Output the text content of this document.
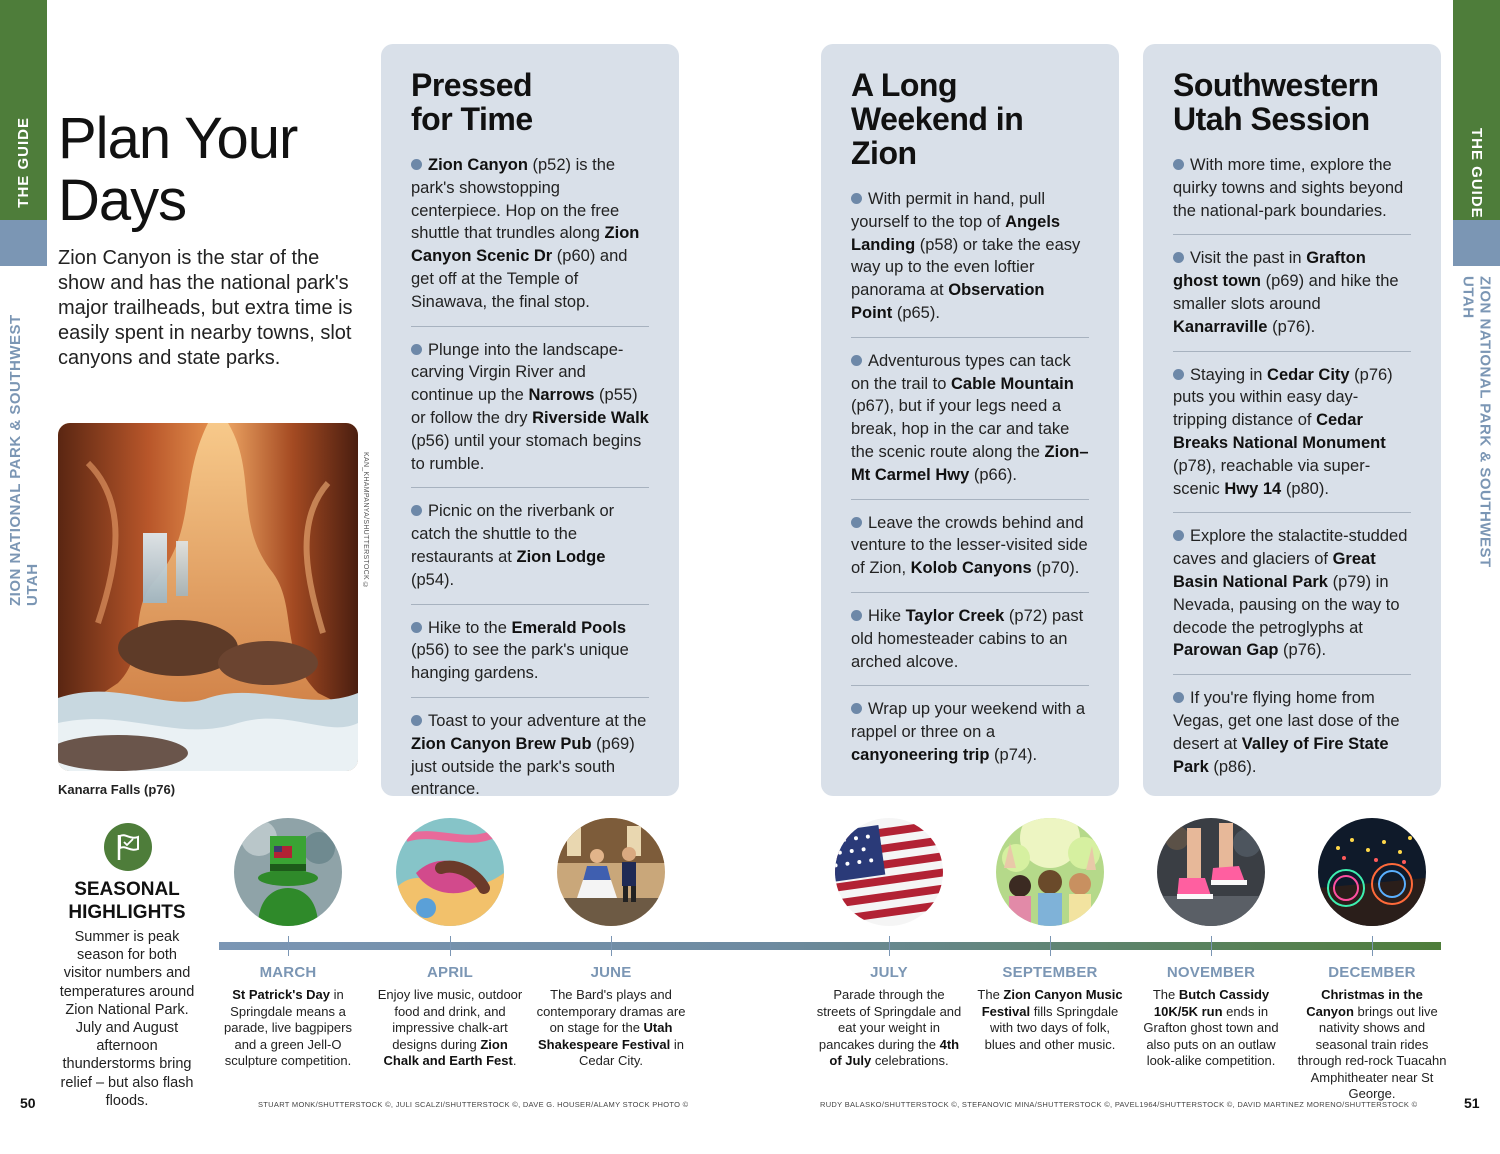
THE GUIDE
ZION NATIONAL PARK & SOUTHWEST UTAH
THE GUIDE
ZION NATIONAL PARK & SOUTHWEST UTAH
Plan Your
Days

Zion Canyon is the star of the show and has the national park's major trailheads, but extra time is easily spent in nearby towns, slot canyons and state parks.

KAN_KHAMPANYA/SHUTTERSTOCK ©
Kanarra Falls (p76)
Pressed
for Time
Zion Canyon (p52) is the park's showstopping centerpiece. Hop on the free shuttle that trundles along Zion Canyon Scenic Dr (p60) and get off at the Temple of Sinawava, the final stop.
Plunge into the landscape-carving Virgin River and continue up the Narrows (p55) or follow the dry Riverside Walk (p56) until your stomach begins to rumble.
Picnic on the riverbank or catch the shuttle to the restaurants at Zion Lodge (p54).
Hike to the Emerald Pools (p56) to see the park's unique hanging gardens.
Toast to your adventure at the Zion Canyon Brew Pub (p69) just outside the park's south entrance.
A Long
Weekend in Zion
With permit in hand, pull yourself to the top of Angels Landing (p58) or take the easy way up to the even loftier panorama at Observation Point (p65).
Adventurous types can tack on the trail to Cable Mountain (p67), but if your legs need a break, hop in the car and take the scenic route along the Zion–Mt Carmel Hwy (p66).
Leave the crowds behind and venture to the lesser-visited side of Zion, Kolob Canyons (p70).
Hike Taylor Creek (p72) past old homesteader cabins to an arched alcove.
Wrap up your weekend with a rappel or three on a canyoneering trip (p74).
Southwestern
Utah Session
With more time, explore the quirky towns and sights beyond the national-park boundaries.
Visit the past in Grafton ghost town (p69) and hike the smaller slots around Kanarraville (p76).
Staying in Cedar City (p76) puts you within easy day-tripping distance of Cedar Breaks National Monument (p78), reachable via super-scenic Hwy 14 (p80).
Explore the stalactite-studded caves and glaciers of Great Basin National Park (p79) in Nevada, pausing on the way to decode the petroglyphs at Parowan Gap (p76).
If you're flying home from Vegas, get one last dose of the desert at Valley of Fire State Park (p86).
SEASONAL HIGHLIGHTS
Summer is peak season for both visitor numbers and temperatures around Zion National Park. July and August afternoon thunderstorms bring relief – but also flash floods.
MARCH
St Patrick's Day in Springdale means a parade, live bagpipers and a green Jell-O sculpture competition.
APRIL
Enjoy live music, outdoor food and drink, and impressive chalk-art designs during Zion Chalk and Earth Fest.
JUNE
The Bard's plays and contemporary dramas are on stage for the Utah Shakespeare Festival in Cedar City.
JULY
Parade through the streets of Springdale and eat your weight in pancakes during the 4th of July celebrations.
SEPTEMBER
The Zion Canyon Music Festival fills Springdale with two days of folk, blues and other music.
NOVEMBER
The Butch Cassidy 10K/5K run ends in Grafton ghost town and also puts on an outlaw look-alike competition.
DECEMBER
Christmas in the Canyon brings out live nativity shows and seasonal train rides through red-rock Tuacahn Amphitheater near St George.
50	51
STUART MONK/SHUTTERSTOCK ©, JULI SCALZI/SHUTTERSTOCK ©, DAVE G. HOUSER/ALAMY STOCK PHOTO ©	RUDY BALASKO/SHUTTERSTOCK ©, STEFANOVIC MINA/SHUTTERSTOCK ©, PAVEL1964/SHUTTERSTOCK ©, DAVID MARTINEZ MORENO/SHUTTERSTOCK ©
